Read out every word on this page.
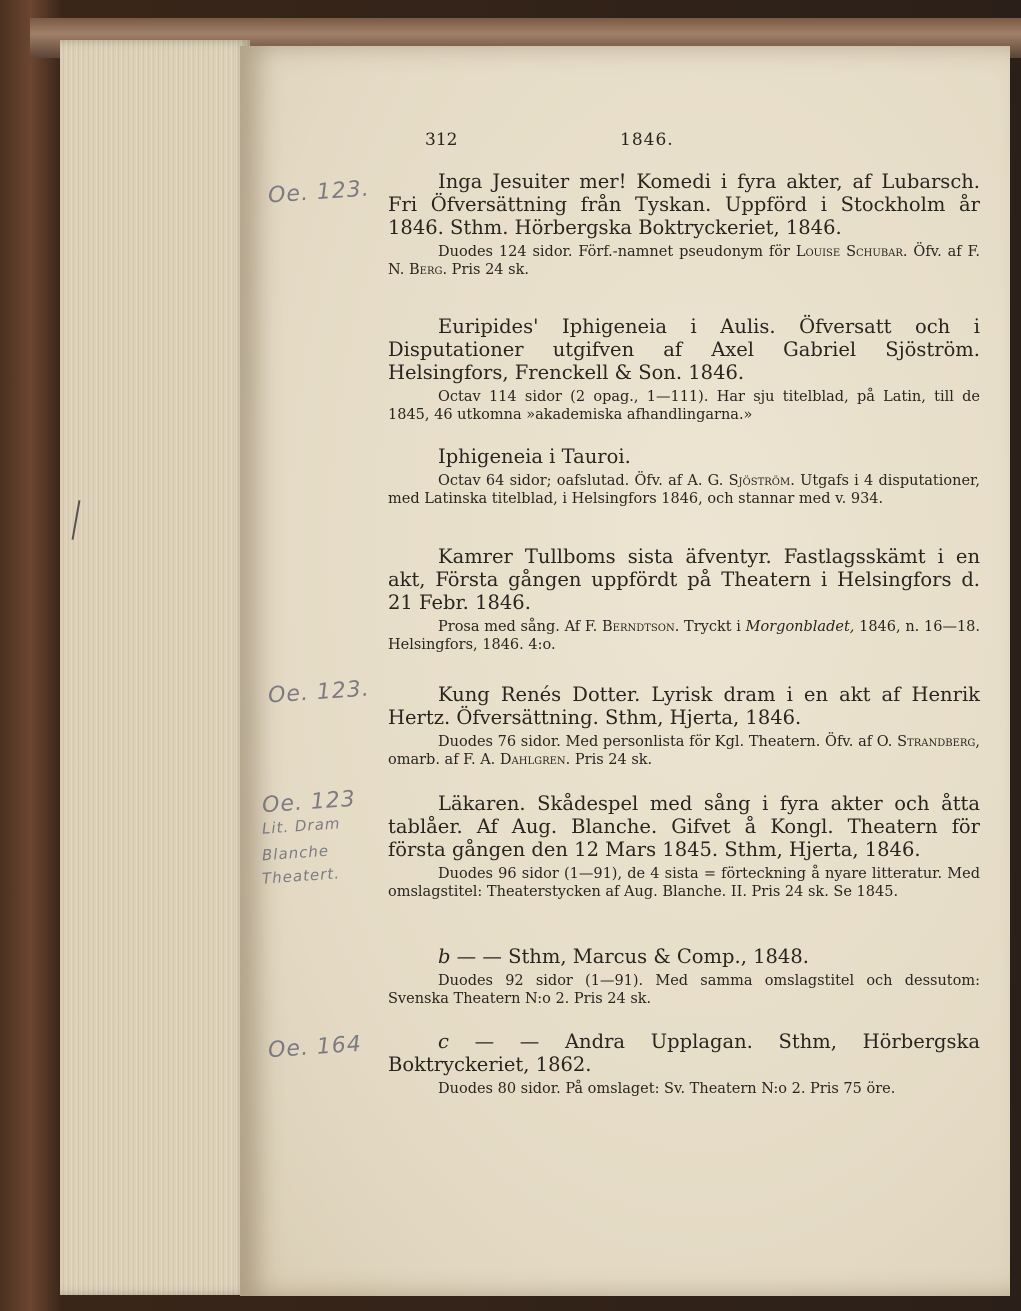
312	1846.
Oe. 123.
Oe. 123.
Oe. 123
Lit. Dram
Blanche
Theatert.
Oe. 164

Inga Jesuiter mer! Komedi i fyra akter, af Lubarsch. Fri Öfversättning från Tyskan. Uppförd i Stockholm år 1846. Sthm. Hörbergska Boktryckeriet, 1846.

Duodes 124 sidor. Förf.-namnet pseudonym för Louise Schubar. Öfv. af F. N. Berg. Pris 24 sk.

Euripides' Iphigeneia i Aulis. Öfversatt och i Disputationer utgifven af Axel Gabriel Sjöström. Helsingfors, Frenckell & Son. 1846.

Octav 114 sidor (2 opag., 1—111). Har sju titelblad, på Latin, till de 1845, 46 utkomna »akademiska afhandlingarna.»

Iphigeneia i Tauroi.

Octav 64 sidor; oafslutad. Öfv. af A. G. Sjöström. Utgafs i 4 disputationer, med Latinska titelblad, i Helsingfors 1846, och stannar med v. 934.

Kamrer Tullboms sista äfventyr. Fastlagsskämt i en akt, Första gången uppfördt på Theatern i Helsingfors d. 21 Febr. 1846.

Prosa med sång. Af F. Berndtson. Tryckt i Morgonbladet, 1846, n. 16—18. Helsingfors, 1846. 4:o.

Kung Renés Dotter. Lyrisk dram i en akt af Henrik Hertz. Öfversättning. Sthm, Hjerta, 1846.

Duodes 76 sidor. Med personlista för Kgl. Theatern. Öfv. af O. Strandberg, omarb. af F. A. Dahlgren. Pris 24 sk.

Läkaren. Skådespel med sång i fyra akter och åtta tablåer. Af Aug. Blanche. Gifvet å Kongl. Theatern för första gången den 12 Mars 1845. Sthm, Hjerta, 1846.

Duodes 96 sidor (1—91), de 4 sista = förteckning å nyare litteratur. Med omslagstitel: Theaterstycken af Aug. Blanche. II. Pris 24 sk. Se 1845.

b — — Sthm, Marcus & Comp., 1848.

Duodes 92 sidor (1—91). Med samma omslagstitel och dessutom: Svenska Theatern N:o 2. Pris 24 sk.

c — — Andra Upplagan. Sthm, Hörbergska Boktryckeriet, 1862.

Duodes 80 sidor. På omslaget: Sv. Theatern N:o 2. Pris 75 öre.
